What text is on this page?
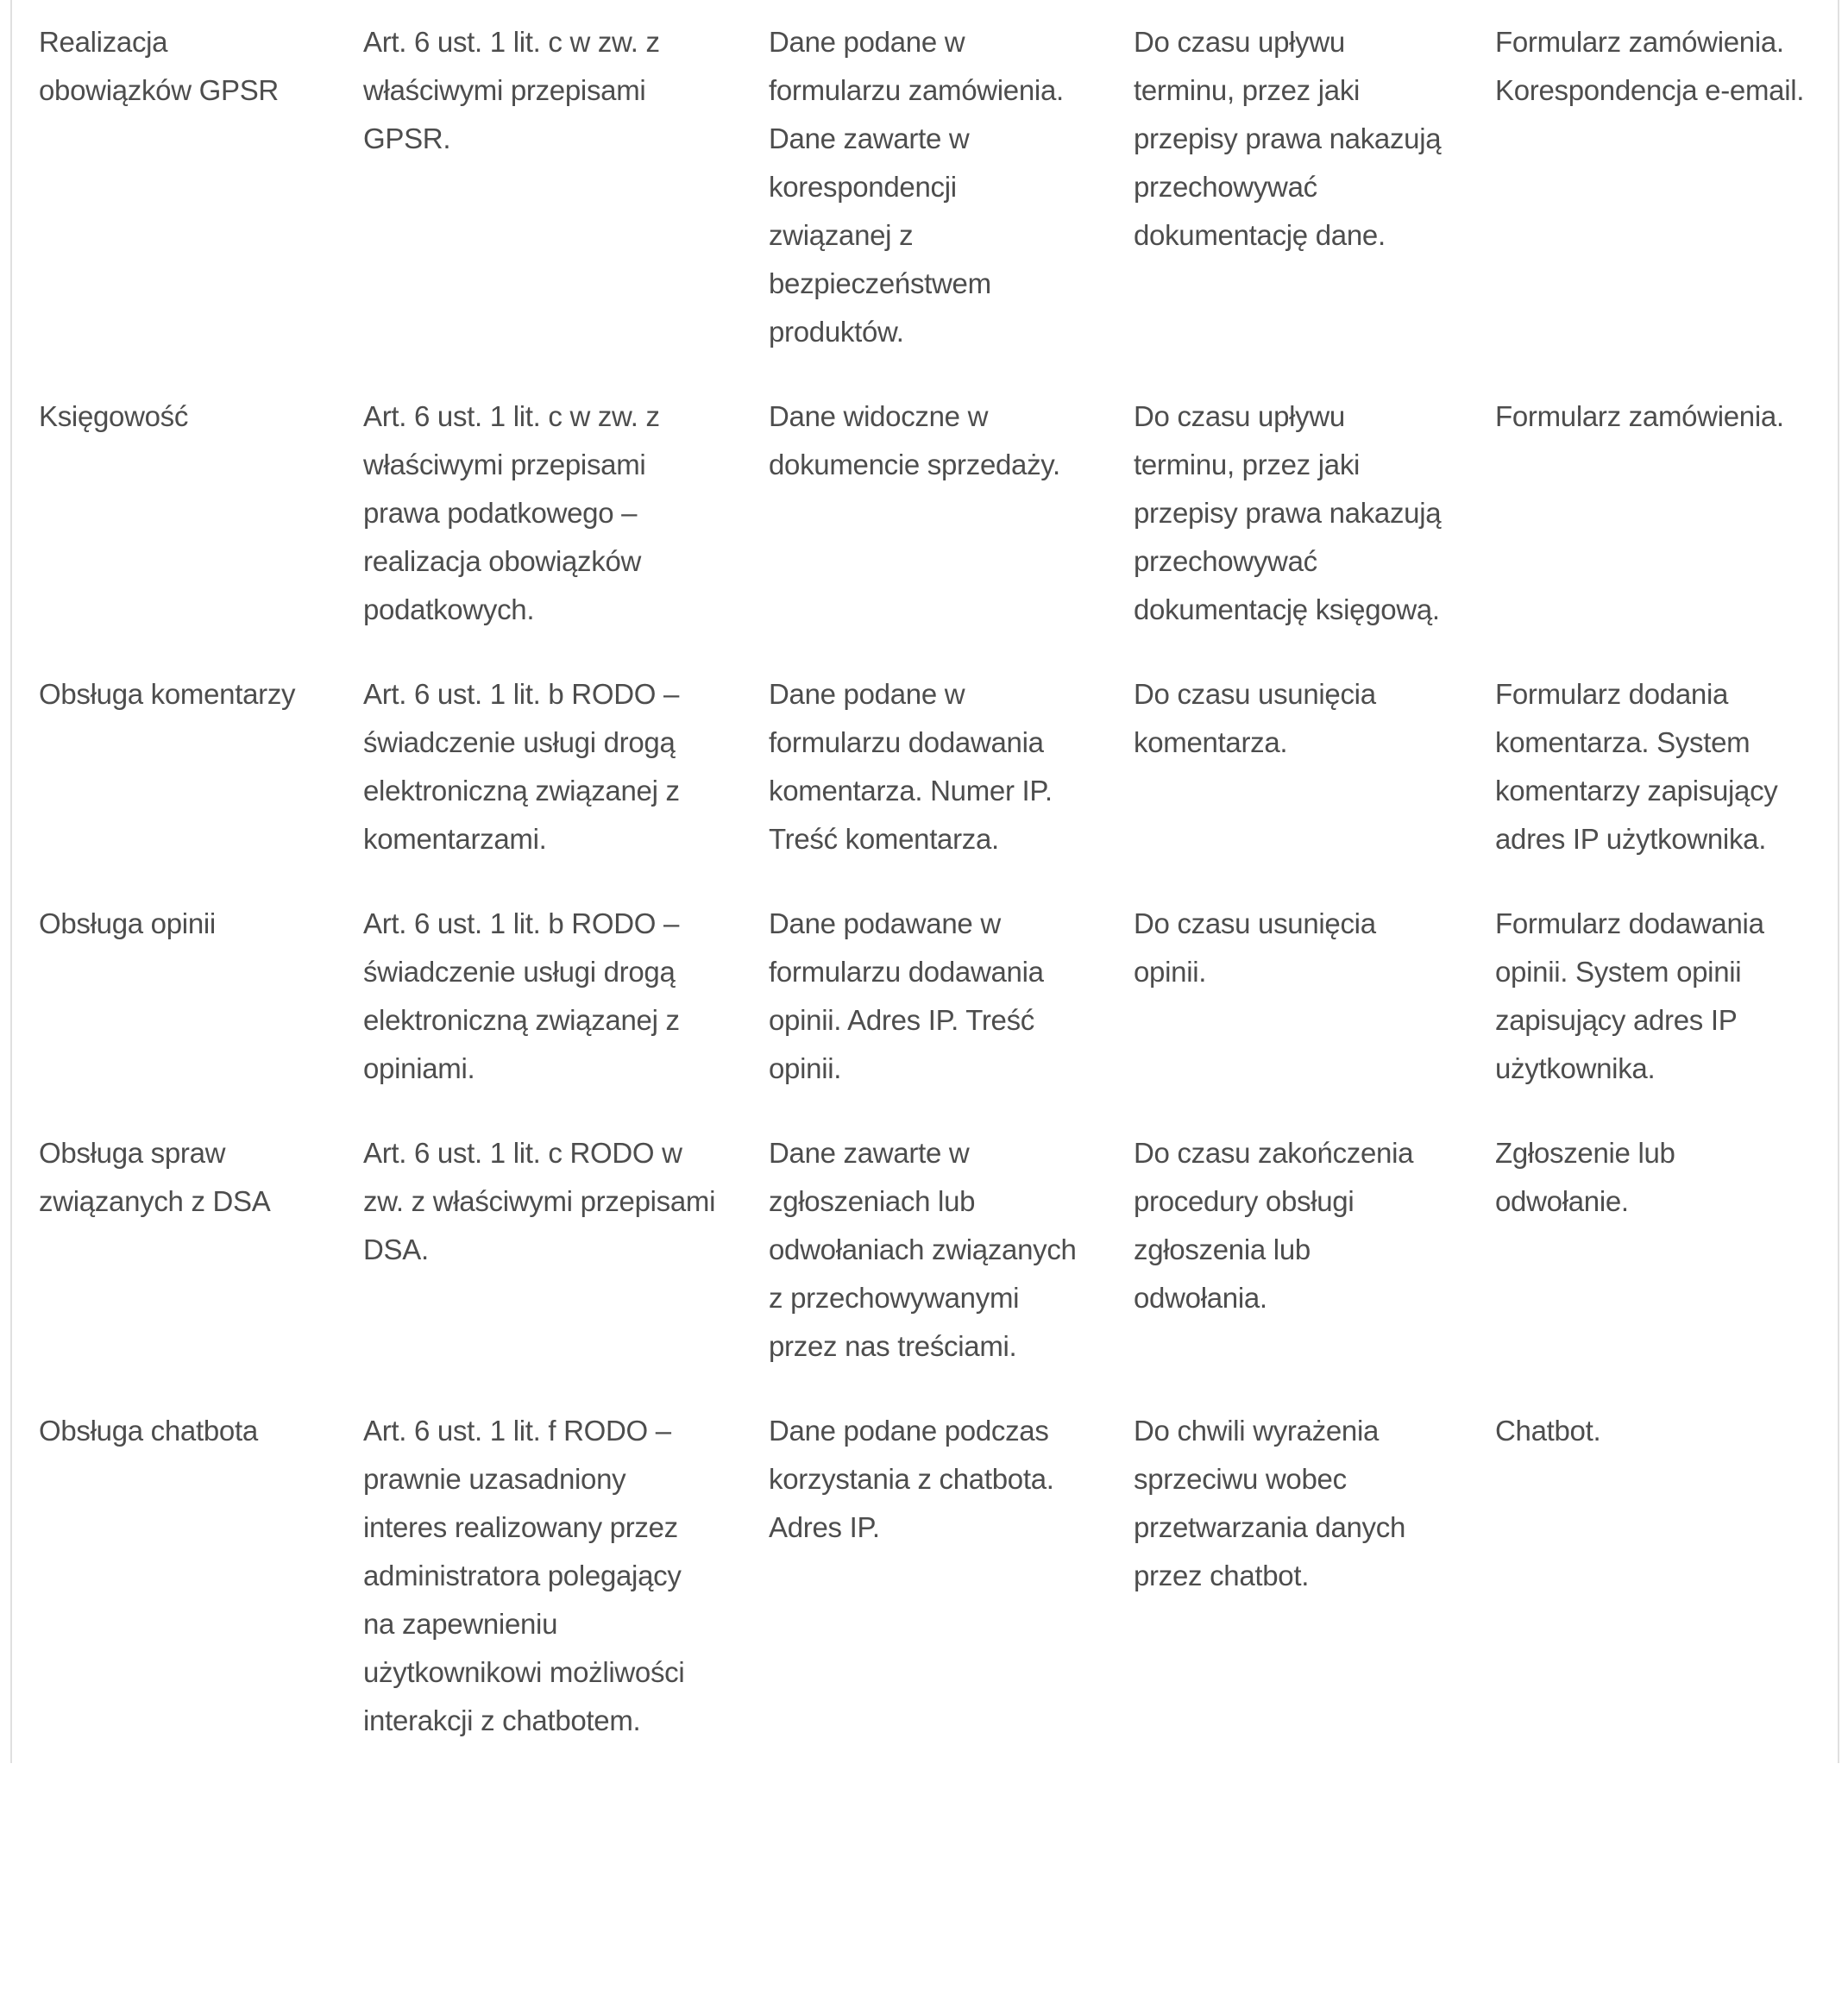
Realizacja obowiązków GPSR	Art. 6 ust. 1 lit. c w zw. z właściwymi przepisami GPSR.	Dane podane w formularzu zamówienia. Dane zawarte w korespondencji związanej z bezpieczeństwem produktów.	Do czasu upływu terminu, przez jaki przepisy prawa nakazują przechowywać dokumentację dane.	Formularz zamówienia. Korespondencja e-email.
Księgowość	Art. 6 ust. 1 lit. c w zw. z właściwymi przepisami prawa podatkowego – realizacja obowiązków podatkowych.	Dane widoczne w dokumencie sprzedaży.	Do czasu upływu terminu, przez jaki przepisy prawa nakazują przechowywać dokumentację księgową.	Formularz zamówienia.
Obsługa komentarzy	Art. 6 ust. 1 lit. b RODO – świadczenie usługi drogą elektroniczną związanej z komentarzami.	Dane podane w formularzu dodawania komentarza. Numer IP. Treść komentarza.	Do czasu usunięcia komentarza.	Formularz dodania komentarza. System komentarzy zapisujący adres IP użytkownika.
Obsługa opinii	Art. 6 ust. 1 lit. b RODO – świadczenie usługi drogą elektroniczną związanej z opiniami.	Dane podawane w formularzu dodawania opinii. Adres IP. Treść opinii.	Do czasu usunięcia opinii.	Formularz dodawania opinii. System opinii zapisujący adres IP użytkownika.
Obsługa spraw związanych z DSA	Art. 6 ust. 1 lit. c RODO w zw. z właściwymi przepisami DSA.	Dane zawarte w zgłoszeniach lub odwołaniach związanych z przechowywanymi przez nas treściami.	Do czasu zakończenia procedury obsługi zgłoszenia lub odwołania.	Zgłoszenie lub odwołanie.
Obsługa chatbota	Art. 6 ust. 1 lit. f RODO – prawnie uzasadniony interes realizowany przez administratora polegający na zapewnieniu użytkownikowi możliwości interakcji z chatbotem.	Dane podane podczas korzystania z chatbota. Adres IP.	Do chwili wyrażenia sprzeciwu wobec przetwarzania danych przez chatbot.	Chatbot.
